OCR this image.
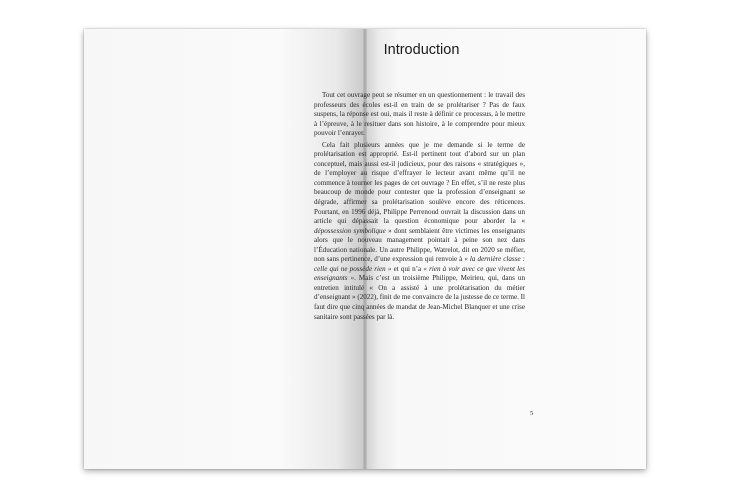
Introduction

Tout cet ouvrage peut se résumer en un questionnement : le travail des professeurs des écoles est-il en train de se prolétariser ? Pas de faux suspens, la réponse est oui, mais il reste à définir ce processus, à le mettre à l’épreuve, à le resituer dans son histoire, à le comprendre pour mieux pouvoir l’enrayer.

Cela fait plusieurs années que je me demande si le terme de prolétarisation est approprié. Est-il pertinent tout d’abord sur un plan conceptuel, mais aussi est-il judicieux, pour des raisons « stratégiques », de l’employer au risque d’effrayer le lecteur avant même qu’il ne commence à tourner les pages de cet ouvrage ? En effet, s’il ne reste plus beaucoup de monde pour contester que la profession d’enseignant se dégrade, affirmer sa prolétarisation soulève encore des réticences. Pourtant, en 1996 déjà, Philippe Perrenoud ouvrait la discussion dans un article qui dépassait la question économique pour aborder la « dépossession symbolique » dont semblaient être victimes les enseignants alors que le nouveau management pointait à peine son nez dans l’Éducation nationale. Un autre Philippe, Watrelot, dit en 2020 se méfier, non sans pertinence, d’une expression qui renvoie à « la dernière classe : celle qui ne possède rien » et qui n’a « rien à voir avec ce que vivent les enseignants ». Mais c’est un troisième Philippe, Meirieu, qui, dans un entretien intitulé « On a assisté à une prolétarisation du métier d’enseignant » (2022), finit de me convaincre de la justesse de ce terme. Il faut dire que cinq années de mandat de Jean-Michel Blanquer et une crise sanitaire sont passées par là.

5
